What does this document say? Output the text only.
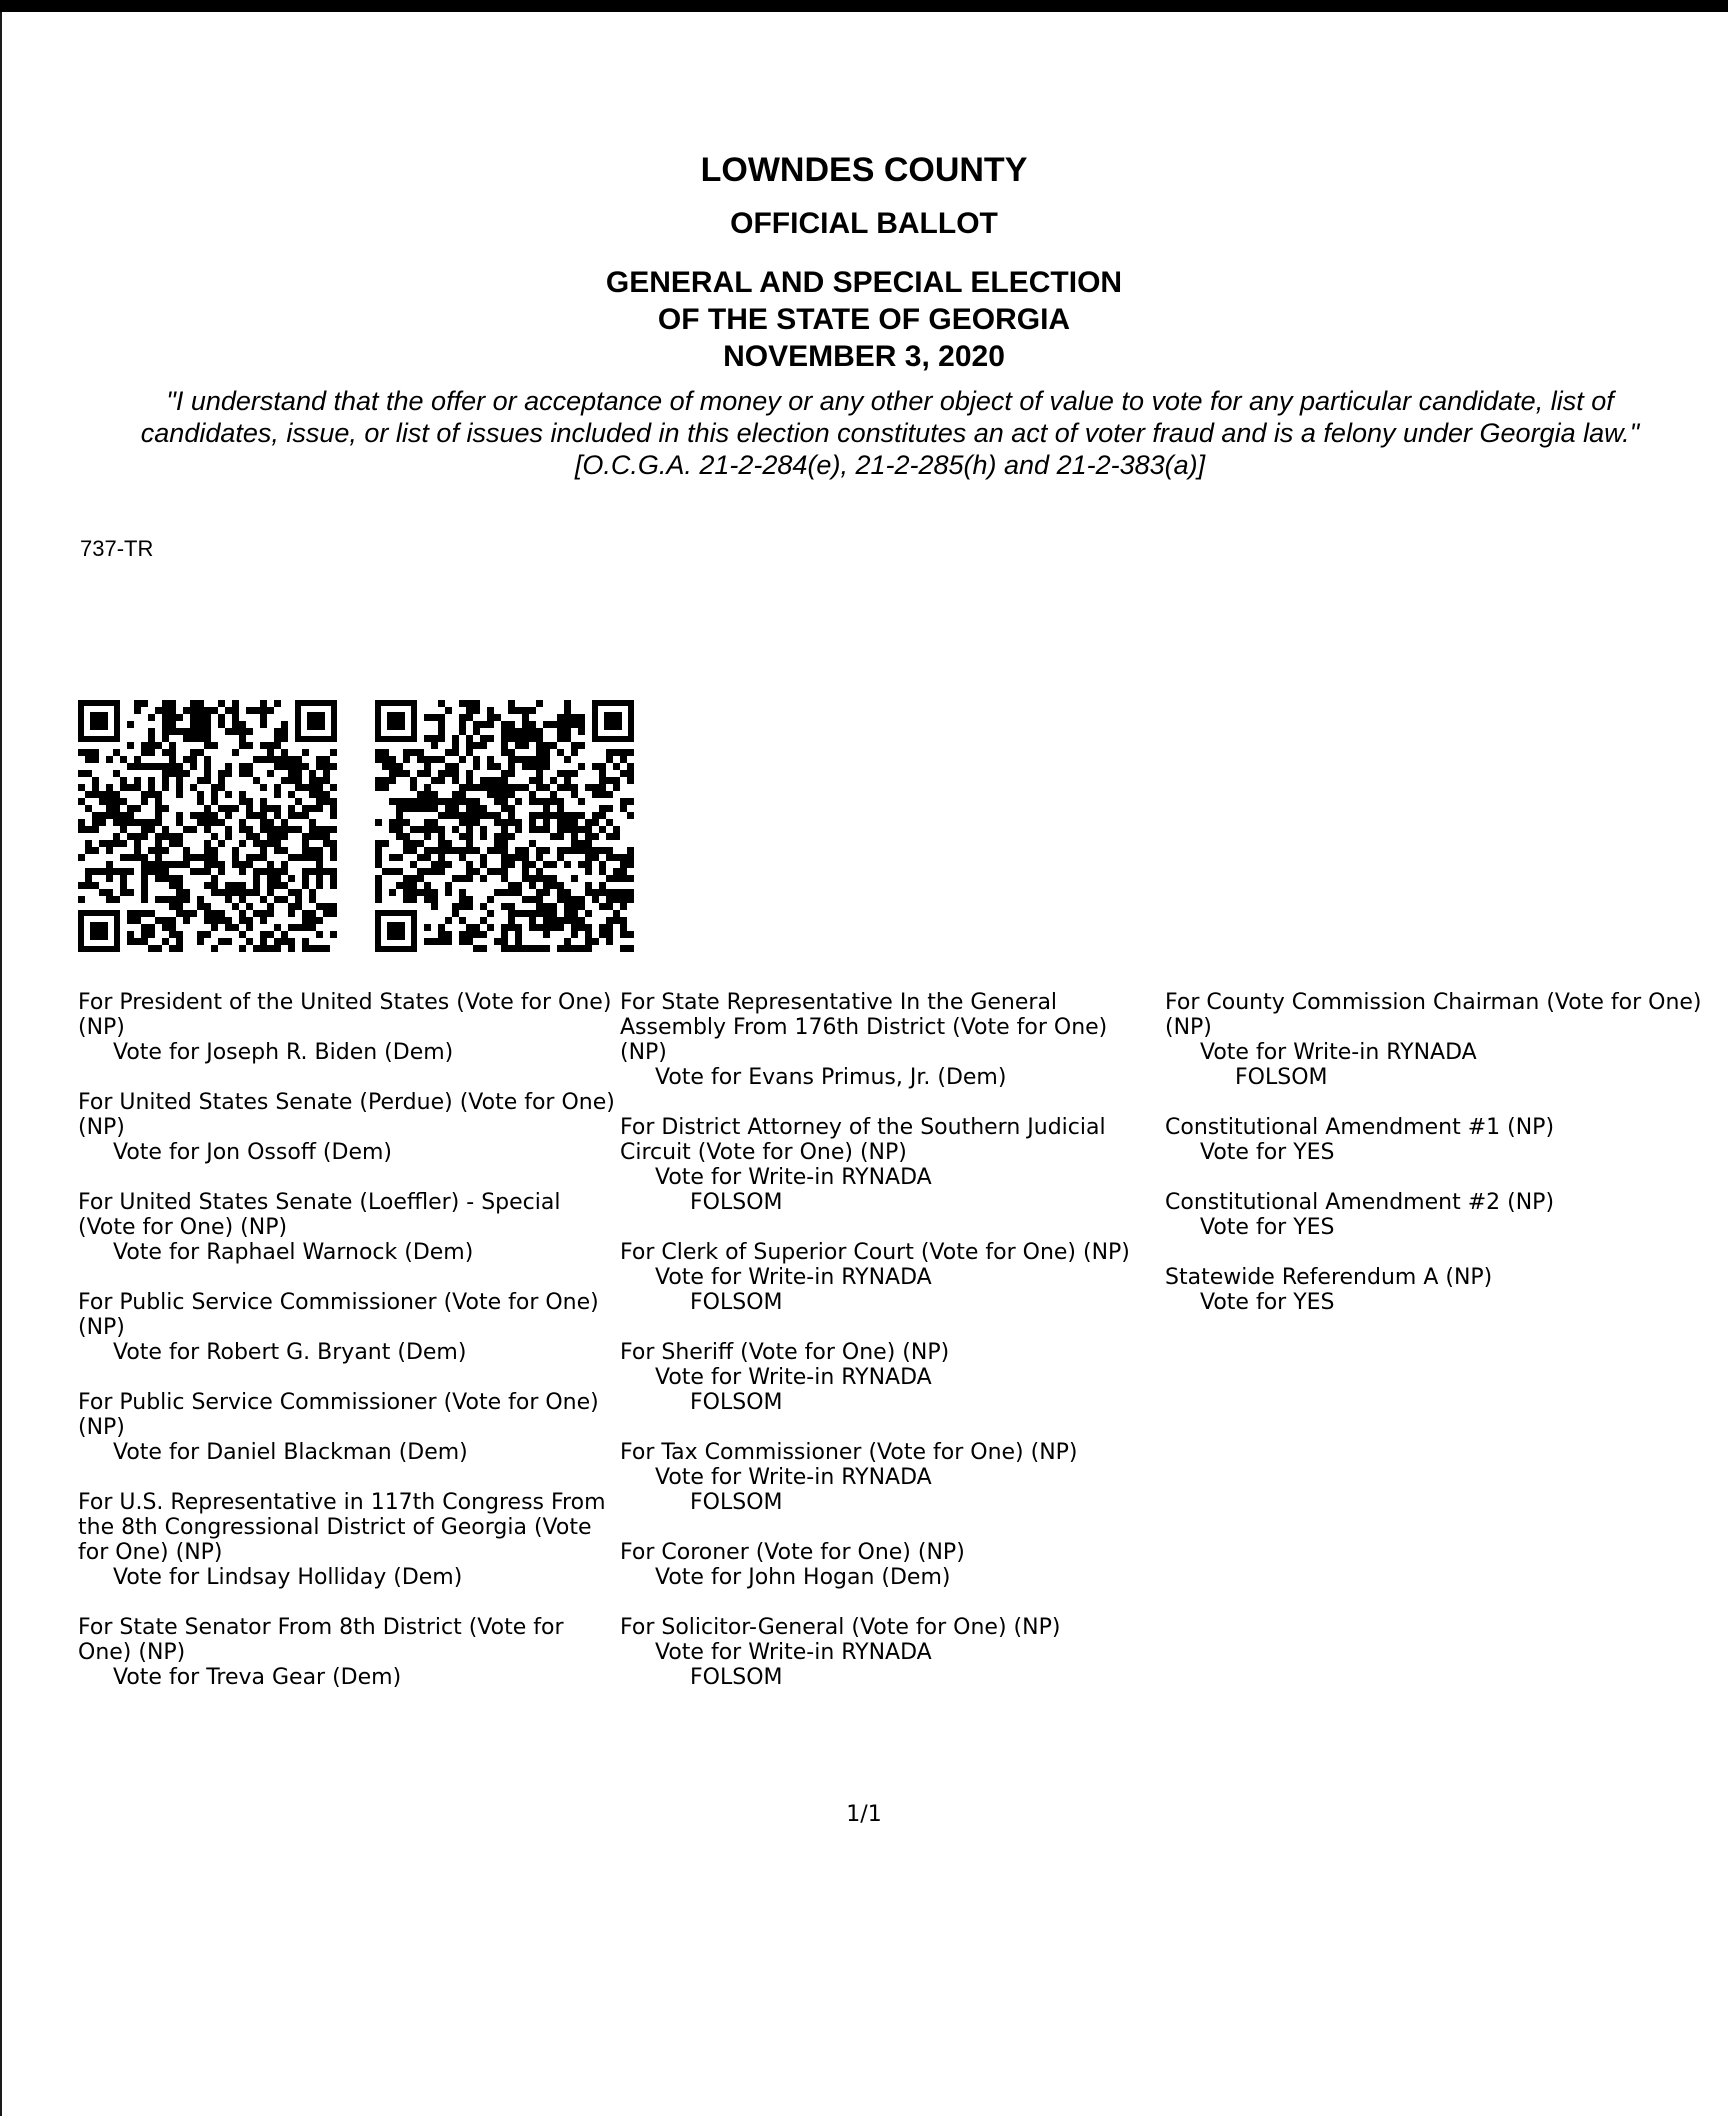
LOWNDES COUNTY
OFFICIAL BALLOT
GENERAL AND SPECIAL ELECTION
OF THE STATE OF GEORGIA
NOVEMBER 3, 2020
"I understand that the offer or acceptance of money or any other object of value to vote for any particular candidate, list of candidates, issue, or list of issues included in this election constitutes an act of voter fraud and is a felony under Georgia law." [O.C.G.A. 21-2-284(e), 21-2-285(h) and 21-2-383(a)]
737-TR
For President of the United States (Vote for One) (NP)
Vote for Joseph R. Biden (Dem)
For United States Senate (Perdue) (Vote for One) (NP)
Vote for Jon Ossoff (Dem)
For United States Senate (Loeffler) - Special (Vote for One) (NP)
Vote for Raphael Warnock (Dem)
For Public Service Commissioner (Vote for One) (NP)
Vote for Robert G. Bryant (Dem)
For Public Service Commissioner (Vote for One) (NP)
Vote for Daniel Blackman (Dem)
For U.S. Representative in 117th Congress From the 8th Congressional District of Georgia (Vote for One) (NP)
Vote for Lindsay Holliday (Dem)
For State Senator From 8th District (Vote for One) (NP)
Vote for Treva Gear (Dem)
For State Representative In the General Assembly From 176th District (Vote for One) (NP)
Vote for Evans Primus, Jr. (Dem)
For District Attorney of the Southern Judicial Circuit (Vote for One) (NP)
Vote for Write-in RYNADA
FOLSOM
For Clerk of Superior Court (Vote for One) (NP)
Vote for Write-in RYNADA
FOLSOM
For Sheriff (Vote for One) (NP)
Vote for Write-in RYNADA
FOLSOM
For Tax Commissioner (Vote for One) (NP)
Vote for Write-in RYNADA
FOLSOM
For Coroner (Vote for One) (NP)
Vote for John Hogan (Dem)
For Solicitor-General (Vote for One) (NP)
Vote for Write-in RYNADA
FOLSOM
For County Commission Chairman (Vote for One) (NP)
Vote for Write-in RYNADA
FOLSOM
Constitutional Amendment #1 (NP)
Vote for YES
Constitutional Amendment #2 (NP)
Vote for YES
Statewide Referendum A (NP)
Vote for YES
1/1
